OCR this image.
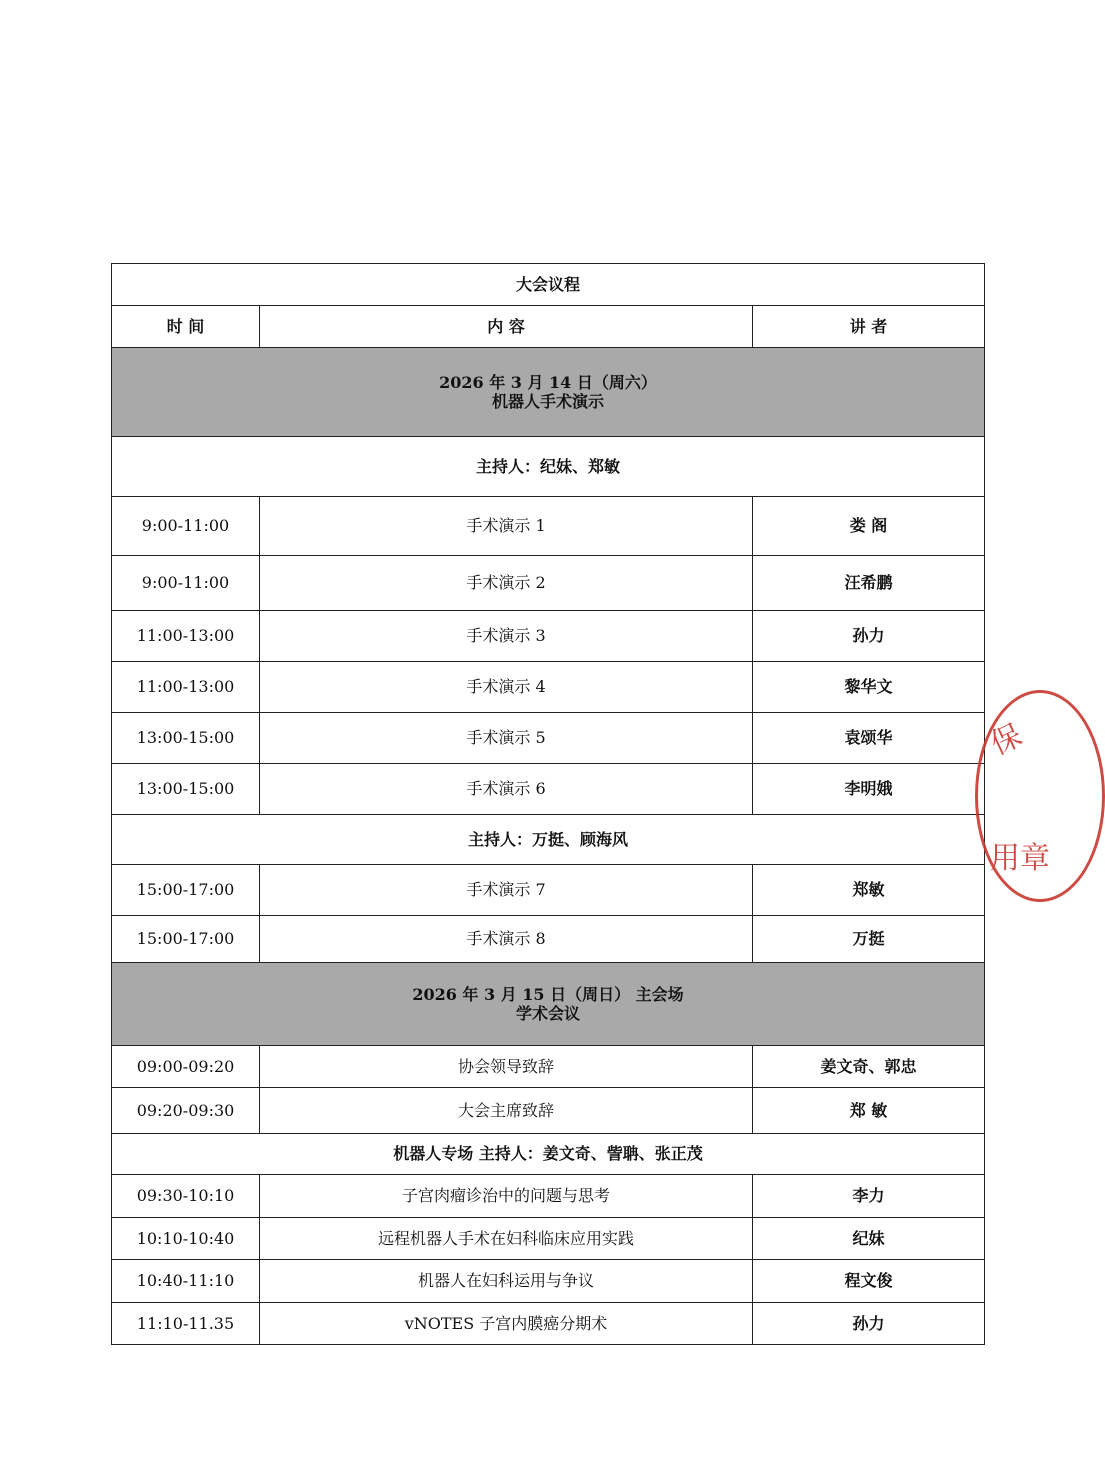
大会议程		
时 间	内 容	讲 者

2026 年 3 月 14 日（周六）
机器人手术演示		

主持人：纪妹、郑敏		
9:00-11:00	手术演示 1	娄 阁
9:00-11:00	手术演示 2	汪希鹏
11:00-13:00	手术演示 3	孙力
11:00-13:00	手术演示 4	黎华文
13:00-15:00	手术演示 5	袁颂华
13:00-15:00	手术演示 6	李明娥
主持人：万挺、顾海风		
15:00-17:00	手术演示 7	郑敏
15:00-17:00	手术演示 8	万挺

2026 年 3 月 15 日（周日） 主会场
学术会议		

09:00-09:20	协会领导致辞	姜文奇、郭忠
09:20-09:30	大会主席致辞	郑 敏
机器人专场 主持人：姜文奇、訾聃、张正茂		
09:30-10:10	子宫肉瘤诊治中的问题与思考	李力
10:10-10:40	远程机器人手术在妇科临床应用实践	纪妹
10:40-11:10	机器人在妇科运用与争议	程文俊
11:10-11.35	vNOTES 子宫内膜癌分期术	孙力
保
用章
